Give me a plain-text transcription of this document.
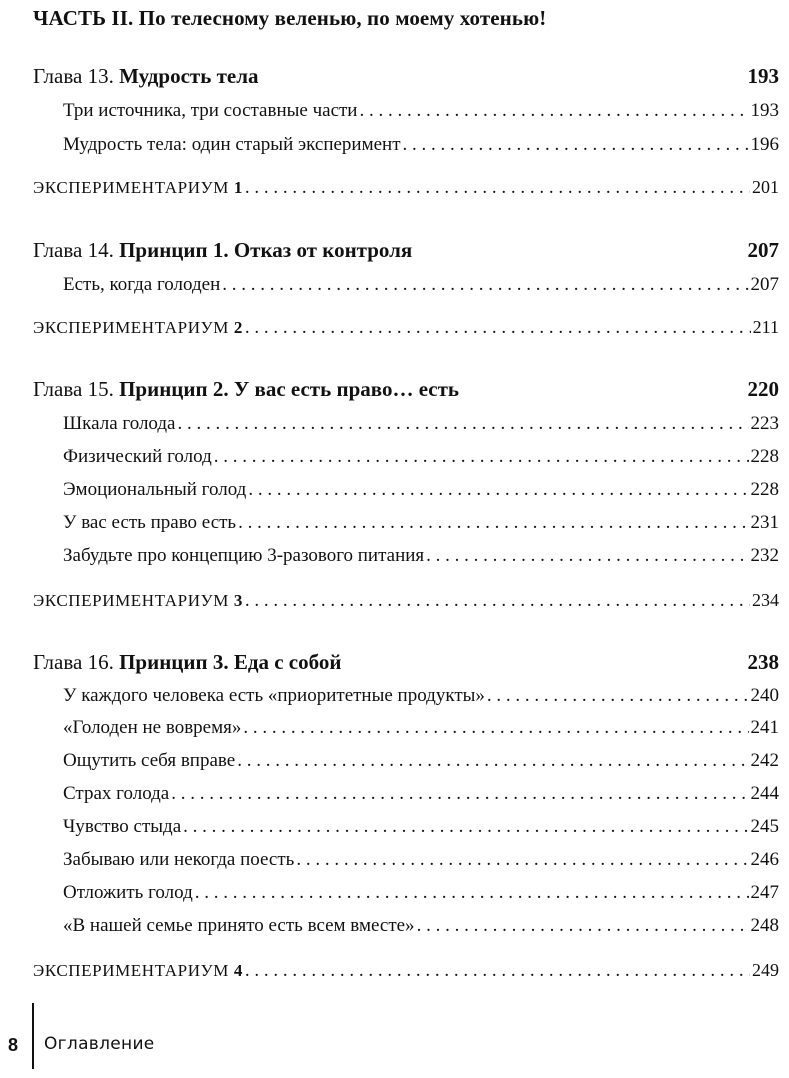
ЧАСТЬ II. По телесному веленью, по моему хотенью!
Глава 13. Мудрость тела	193
Три источника, три составные части . . .	193
Мудрость тела: один старый эксперимент . . .	196
ЭКСПЕРИМЕНТАРИУМ 1 . . .	201
Глава 14. Принцип 1. Отказ от контроля	207
Есть, когда голоден . . .	207
ЭКСПЕРИМЕНТАРИУМ 2 . . .	211
Глава 15. Принцип 2. У вас есть право… есть	220
Шкала голода . . .	223
Физический голод . . .	228
Эмоциональный голод . . .	228
У вас есть право есть . . .	231
Забудьте про концепцию 3-разового питания . . .	232
ЭКСПЕРИМЕНТАРИУМ 3 . . .	234
Глава 16. Принцип 3. Еда с собой	238
У каждого человека есть «приоритетные продукты» . . .	240
«Голоден не вовремя» . . .	241
Ощутить себя вправе . . .	242
Страх голода . . .	244
Чувство стыда . . .	245
Забываю или некогда поесть . . .	246
Отложить голод . . .	247
«В нашей семье принято есть всем вместе» . . .	248
ЭКСПЕРИМЕНТАРИУМ 4 . . .	249
8 Оглавление
